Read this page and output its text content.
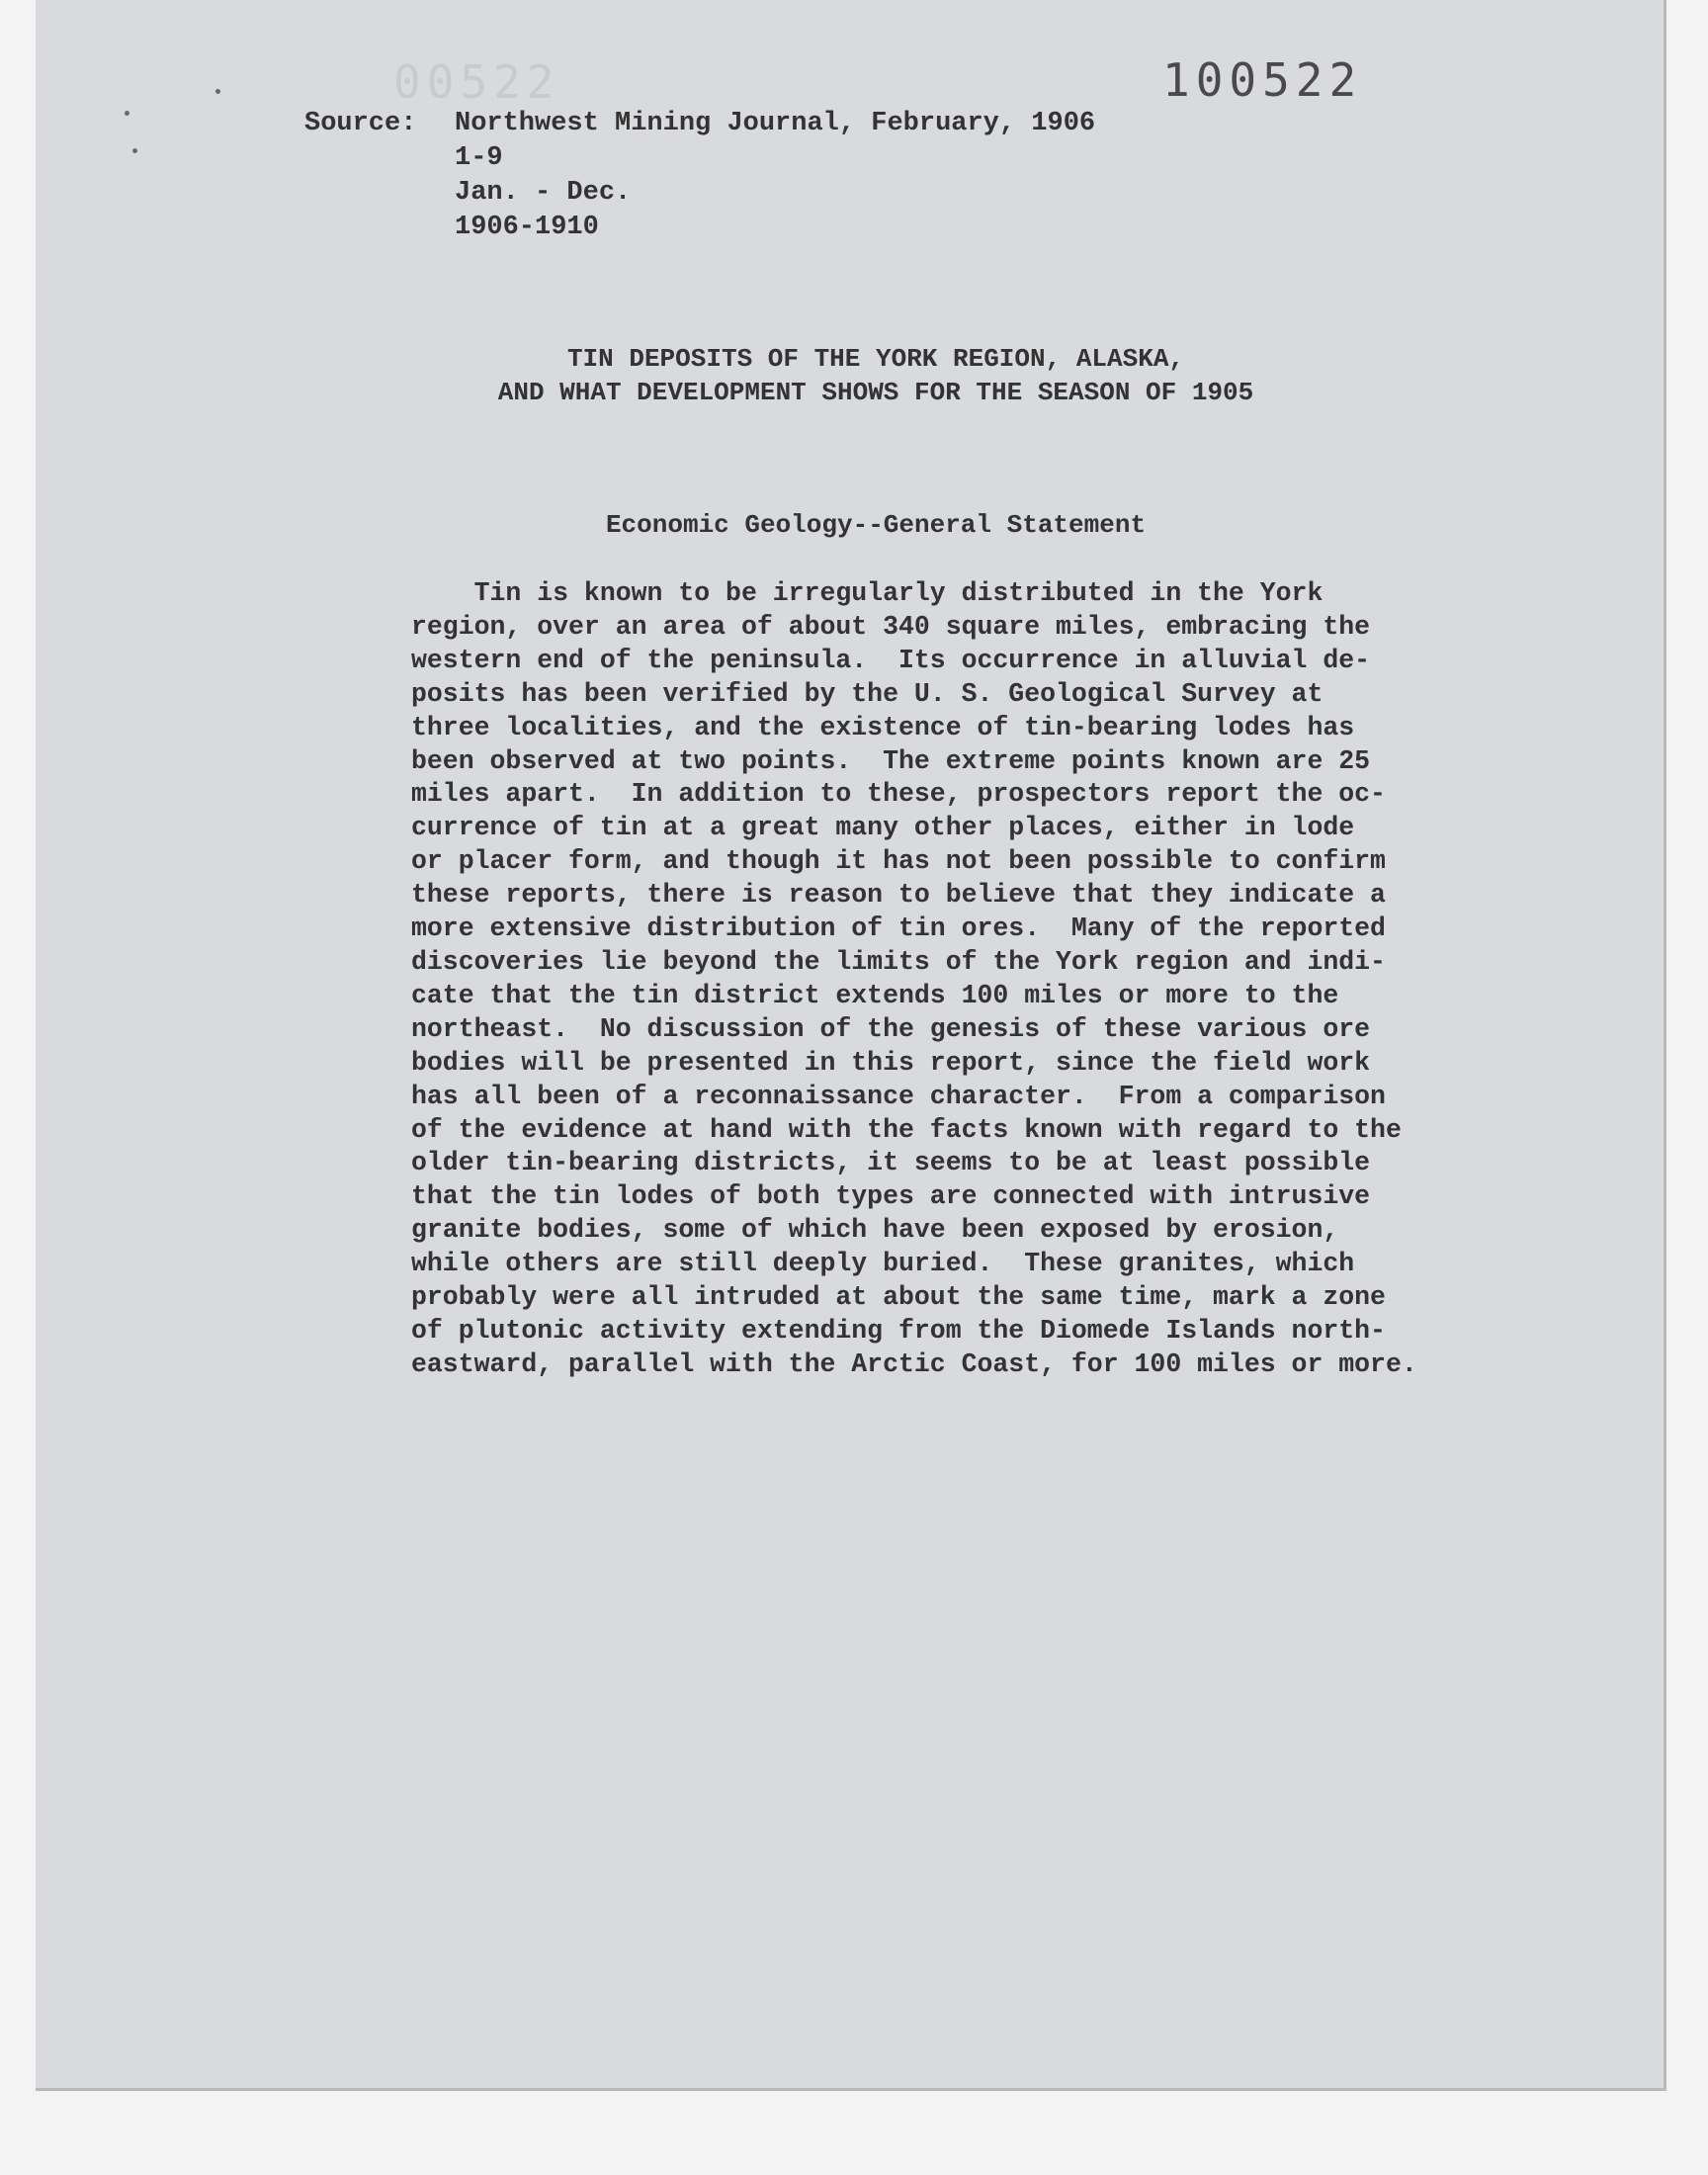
00522	100522
Source: Northwest Mining Journal, February, 1906
1-9
Jan. - Dec.
1906-1910
TIN DEPOSITS OF THE YORK REGION, ALASKA,
AND WHAT DEVELOPMENT SHOWS FOR THE SEASON OF 1905
Economic Geology--General Statement
Tin is known to be irregularly distributed in the York
region, over an area of about 340 square miles, embracing the
western end of the peninsula.  Its occurrence in alluvial de-
posits has been verified by the U. S. Geological Survey at
three localities, and the existence of tin-bearing lodes has
been observed at two points.  The extreme points known are 25
miles apart.  In addition to these, prospectors report the oc-
currence of tin at a great many other places, either in lode
or placer form, and though it has not been possible to confirm
these reports, there is reason to believe that they indicate a
more extensive distribution of tin ores.  Many of the reported
discoveries lie beyond the limits of the York region and indi-
cate that the tin district extends 100 miles or more to the
northeast.  No discussion of the genesis of these various ore
bodies will be presented in this report, since the field work
has all been of a reconnaissance character.  From a comparison
of the evidence at hand with the facts known with regard to the
older tin-bearing districts, it seems to be at least possible
that the tin lodes of both types are connected with intrusive
granite bodies, some of which have been exposed by erosion,
while others are still deeply buried.  These granites, which
probably were all intruded at about the same time, mark a zone
of plutonic activity extending from the Diomede Islands north-
eastward, parallel with the Arctic Coast, for 100 miles or more.
